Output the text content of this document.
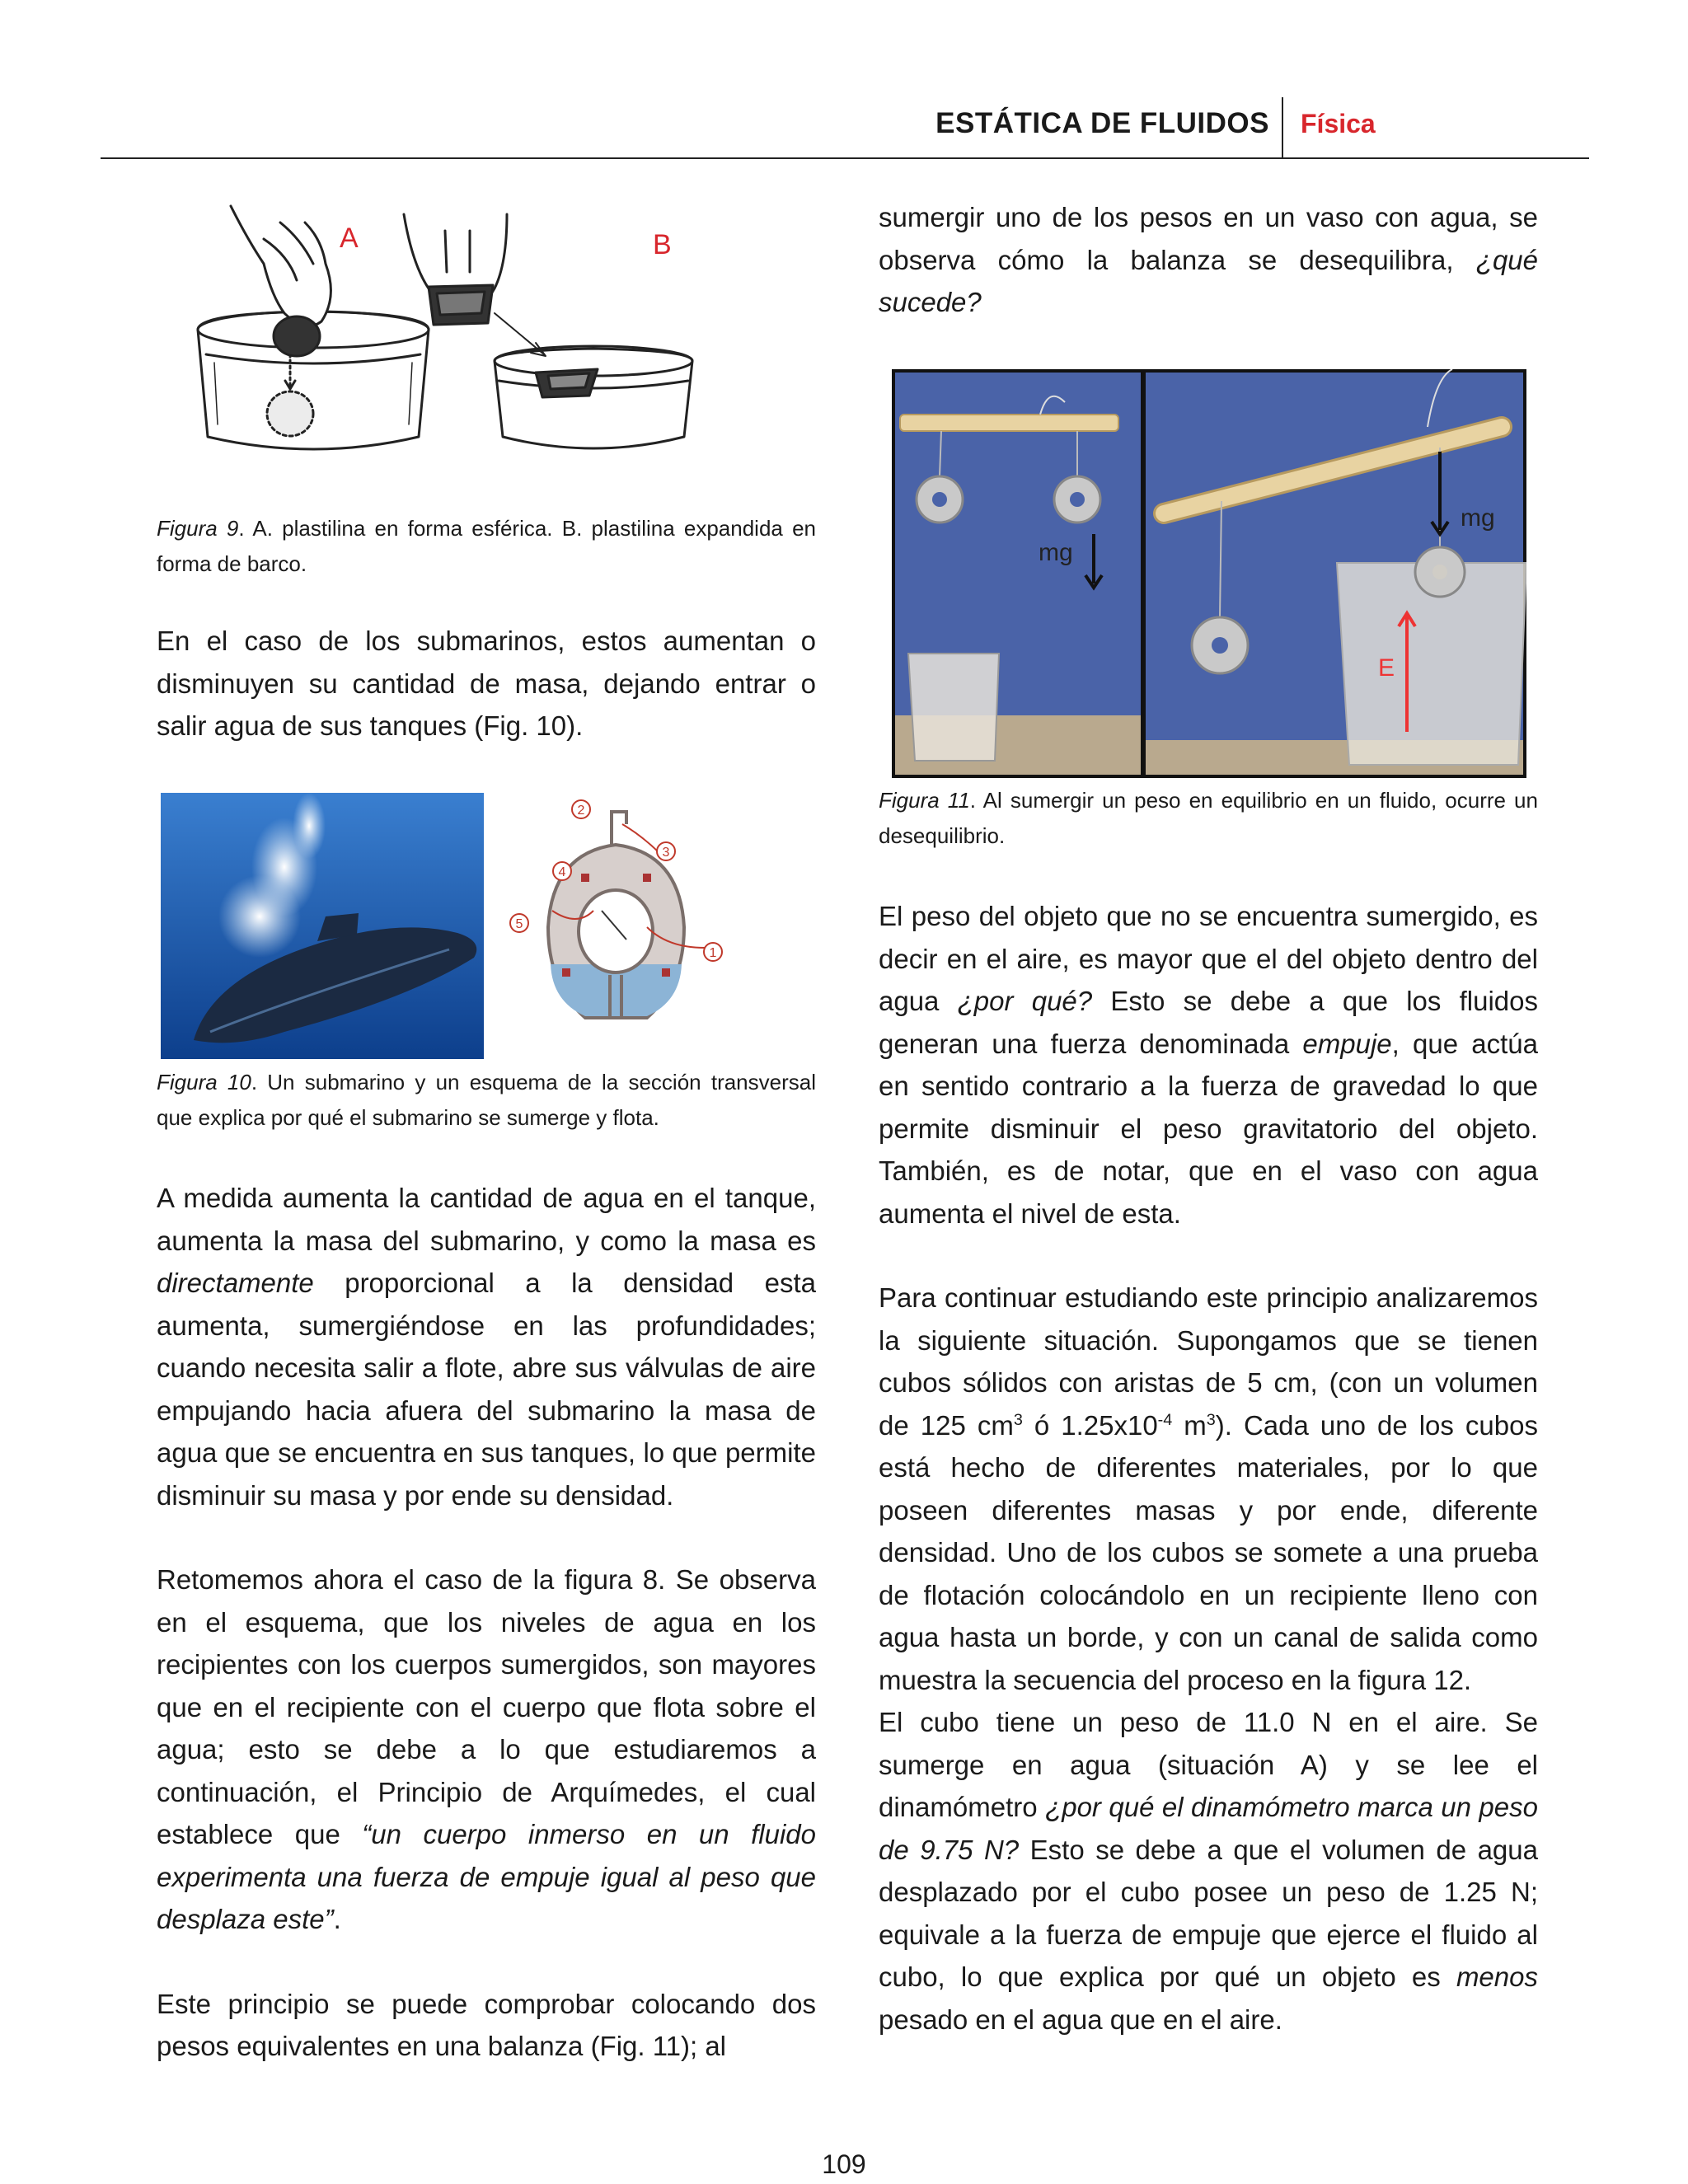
ESTÁTICA DE FLUIDOS Física
A	B
Figura 9. A. plastilina en forma esférica. B. plastilina expandida en forma de barco.

En el caso de los submarinos, estos aumentan o disminuyen su cantidad de masa, dejando entrar o salir agua de sus tanques (Fig. 10).

2
3
4
5
1
Figura 10. Un submarino y un esquema de la sección transversal que explica por qué el submarino se sumerge y flota.

A medida aumenta la cantidad de agua en el tanque, aumenta la masa del submarino, y como la masa es directamente proporcional a la densidad esta aumenta, sumergiéndose en las profundidades; cuando necesita salir a flote, abre sus válvulas de aire empujando hacia afuera del submarino la masa de agua que se encuentra en sus tanques, lo que permite disminuir su masa y por ende su densidad.

Retomemos ahora el caso de la figura 8. Se observa en el esquema, que los niveles de agua en los recipientes con los cuerpos sumergidos, son mayores que en el recipiente con el cuerpo que flota sobre el agua; esto se debe a lo que estudiaremos a continuación, el Principio de Arquímedes, el cual establece que “un cuerpo inmerso en un fluido experimenta una fuerza de empuje igual al peso que desplaza este”.

Este principio se puede comprobar colocando dos pesos equivalentes en una balanza (Fig. 11); al

sumergir uno de los pesos en un vaso con agua, se observa cómo la balanza se desequilibra, ¿qué sucede?

mg
mg
E
Figura 11. Al sumergir un peso en equilibrio en un fluido, ocurre un desequilibrio.

El peso del objeto que no se encuentra sumergido, es decir en el aire, es mayor que el del objeto dentro del agua ¿por qué? Esto se debe a que los fluidos generan una fuerza denominada empuje, que actúa en sentido contrario a la fuerza de gravedad lo que permite disminuir el peso gravitatorio del objeto. También, es de notar, que en el vaso con agua aumenta el nivel de esta.

Para continuar estudiando este principio analizaremos la siguiente situación. Supongamos que se tienen cubos sólidos con aristas de 5 cm, (con un volumen de 125 $cm^3$ ó $1.25x10^{-4}$ $m^3$). Cada uno de los cubos está hecho de diferentes materiales, por lo que poseen diferentes masas y por ende, diferente densidad. Uno de los cubos se somete a una prueba de flotación colocándolo en un recipiente lleno con agua hasta un borde, y con un canal de salida como muestra la secuencia del proceso en la figura 12.

El cubo tiene un peso de 11.0 N en el aire. Se sumerge en agua (situación A) y se lee el dinamómetro ¿por qué el dinamómetro marca un peso de 9.75 N? Esto se debe a que el volumen de agua desplazado por el cubo posee un peso de 1.25 N; equivale a la fuerza de empuje que ejerce el fluido al cubo, lo que explica por qué un objeto es menos pesado en el agua que en el aire.

109
